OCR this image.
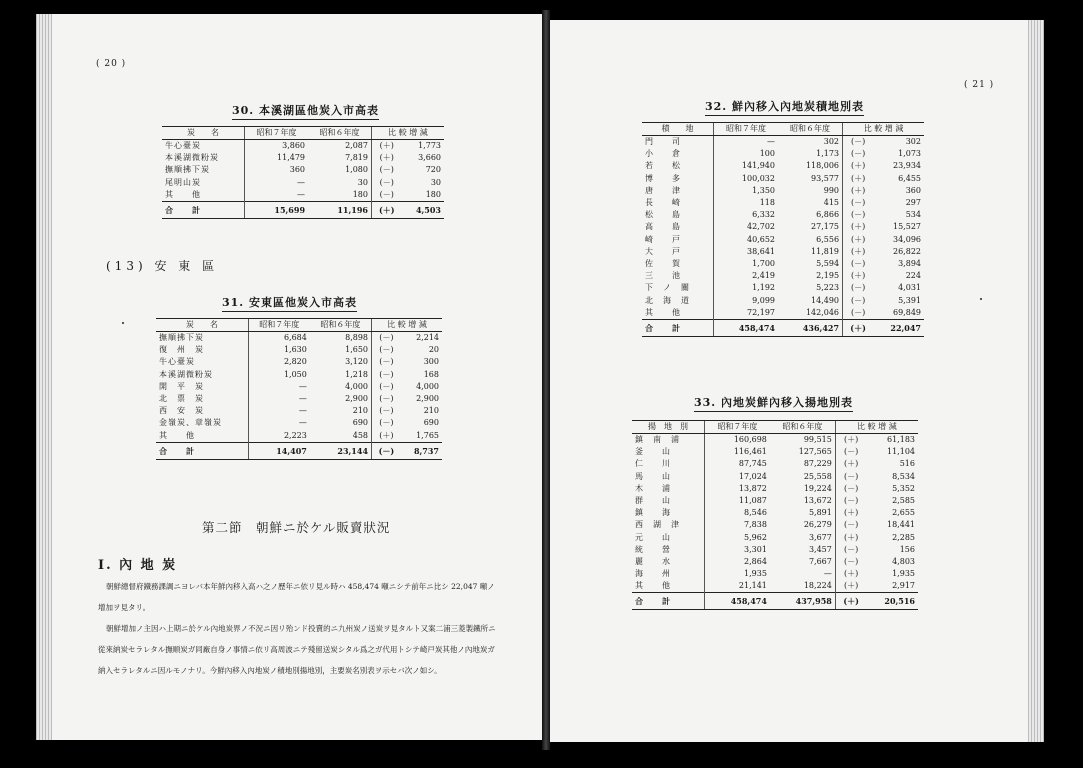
( 20 )
30. 本溪湖區他炭入市高表
炭　　名	昭和７年度	昭和６年度	比 較 增 減	
牛心臺炭	3,860	2,087	(＋)	1,773
本溪湖微粉炭	11,479	7,819	(＋)	3,660
撫順拂下炭	360	1,080	(－)	720
尾明山炭	—	30	(－)	30
其　　他	—	180	(－)	180
合　　計	15,699	11,196	(＋)	4,503
(13) 安 東 區
31. 安東區他炭入市高表
炭　　名	昭和７年度	昭和６年度	比 較 增 減	
撫順拂下炭	6,684	8,898	(－)	2,214
復　州　炭	1,630	1,650	(－)	20
牛心臺炭	2,820	3,120	(－)	300
本溪湖微粉炭	1,050	1,218	(－)	168
開　平　炭	—	4,000	(－)	4,000
北　票　炭	—	2,900	(－)	2,900
西　安　炭	—	210	(－)	210
金嶺炭、章嶺炭	—	690	(－)	690
其　　他	2,223	458	(＋)	1,765
合　　計	14,407	23,144	(－)	8,737
第二節　朝鮮ニ於ケル販賣狀況
I. 內 地 炭

朝鮮總督府鐵務課調ニヨレバ本年鮮內移入高ハ之ノ歷年ニ依リ見ル時ハ 458,474 噸ニシテ前年ニ比シ 22,047 噸ノ增加ヲ見タリ。

朝鮮增加ノ主因ハ上期ニ於ケル內地炭界ノ不況ニ因リ殆ンド投賣的ニ九州炭ノ送炭ヲ見タルト又案二浦三菱製鐵所ニ從來納炭セラレタル撫順炭ガ同廠自身ノ事情ニ依リ高周波ニテ殘留送炭シタル爲之ガ代用トシテ崎戸炭其他ノ內地炭ガ納入セラレタルニ因ルモノナリ。今鮮內移入內地炭ノ積地別揚地別，主要炭名別表ヲ示セバ次ノ如シ。

( 21 )
32. 鮮內移入內地炭積地別表
積　　地	昭和７年度	昭和６年度	比 較 增 減	
門　　司	—	302	(－)	302
小　　倉	100	1,173	(－)	1,073
若　　松	141,940	118,006	(＋)	23,934
博　　多	100,032	93,577	(＋)	6,455
唐　　津	1,350	990	(＋)	360
長　　崎	118	415	(－)	297
松　　島	6,332	6,866	(－)	534
高　　島	42,702	27,175	(＋)	15,527
崎　　戸	40,652	6,556	(＋)	34,096
大　　戸	38,641	11,819	(＋)	26,822
佐　　賀	1,700	5,594	(－)	3,894
三　　池	2,419	2,195	(＋)	224
下　ノ　關	1,192	5,223	(－)	4,031
北　海　道	9,099	14,490	(－)	5,391
其　　他	72,197	142,046	(－)	69,849
合　　計	458,474	436,427	(＋)	22,047
33. 內地炭鮮內移入揚地別表
揚　地　別	昭和７年度	昭和６年度	比 較 增 減	
鎮　南　浦	160,698	99,515	(＋)	61,183
釜　　山	116,461	127,565	(－)	11,104
仁　　川	87,745	87,229	(＋)	516
馬　　山	17,024	25,558	(－)	8,534
木　　浦	13,872	19,224	(－)	5,352
群　　山	11,087	13,672	(－)	2,585
鎮　　海	8,546	5,891	(＋)	2,655
西　湖　津	7,838	26,279	(－)	18,441
元　　山	5,962	3,677	(＋)	2,285
統　　營	3,301	3,457	(－)	156
麗　　水	2,864	7,667	(－)	4,803
海　　州	1,935	—	(＋)	1,935
其　　他	21,141	18,224	(＋)	2,917
合　　計	458,474	437,958	(＋)	20,516
